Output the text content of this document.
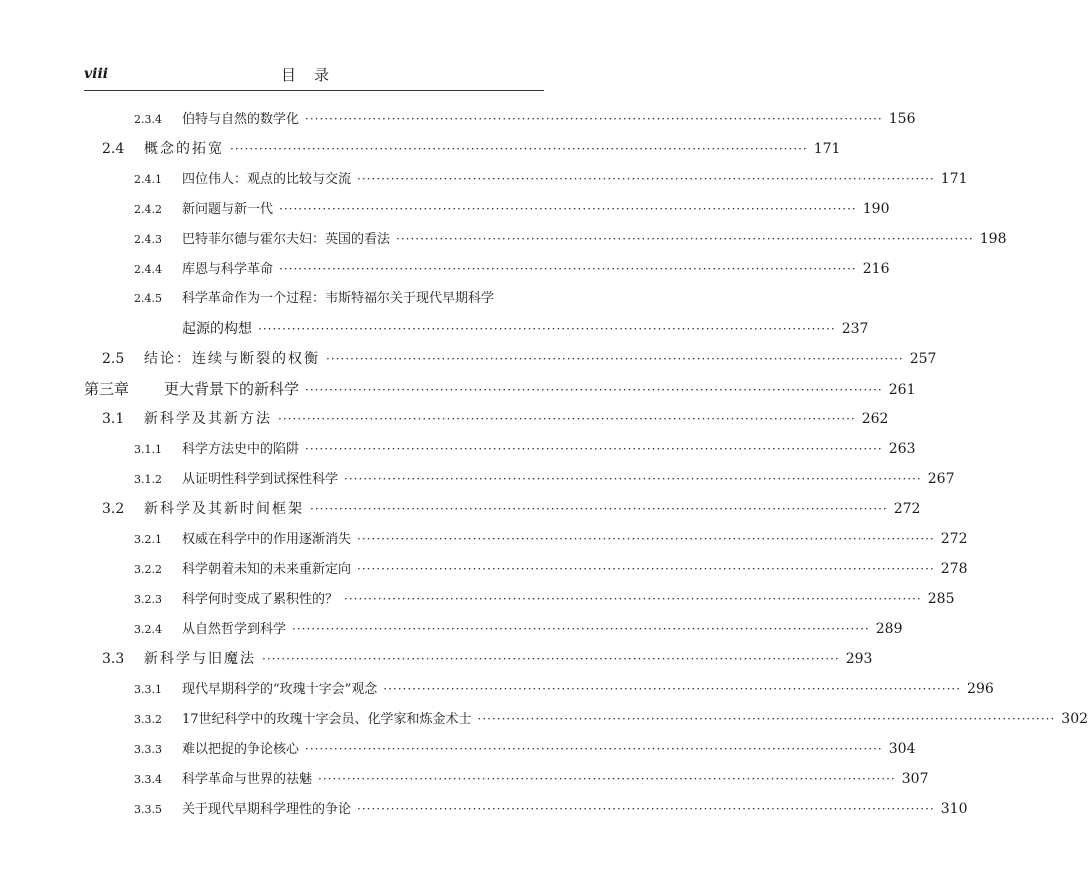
viii	目录
2.3.4	伯特与自然的数学化 ························································································································ 156
2.4	概念的拓宽 ························································································································ 171
2.4.1	四位伟人：观点的比较与交流 ························································································································ 171
2.4.2	新问题与新一代 ························································································································ 190
2.4.3	巴特菲尔德与霍尔夫妇：英国的看法 ························································································································ 198
2.4.4	库恩与科学革命 ························································································································ 216
2.4.5	科学革命作为一个过程：韦斯特福尔关于现代早期科学
起源的构想 ························································································································ 237
2.5	结论：连续与断裂的权衡 ························································································································ 257
第三章	更大背景下的新科学 ························································································································ 261
3.1	新科学及其新方法 ························································································································ 262
3.1.1	科学方法史中的陷阱 ························································································································ 263
3.1.2	从证明性科学到试探性科学 ························································································································ 267
3.2	新科学及其新时间框架 ························································································································ 272
3.2.1	权威在科学中的作用逐渐消失 ························································································································ 272
3.2.2	科学朝着未知的未来重新定向 ························································································································ 278
3.2.3	科学何时变成了累积性的？ ························································································································ 285
3.2.4	从自然哲学到科学 ························································································································ 289
3.3	新科学与旧魔法 ························································································································ 293
3.3.1	现代早期科学的“玫瑰十字会”观念 ························································································································ 296
3.3.2	17世纪科学中的玫瑰十字会员、化学家和炼金术士 ························································································································ 302
3.3.3	难以把捉的争论核心 ························································································································ 304
3.3.4	科学革命与世界的祛魅 ························································································································ 307
3.3.5	关于现代早期科学理性的争论 ························································································································ 310
